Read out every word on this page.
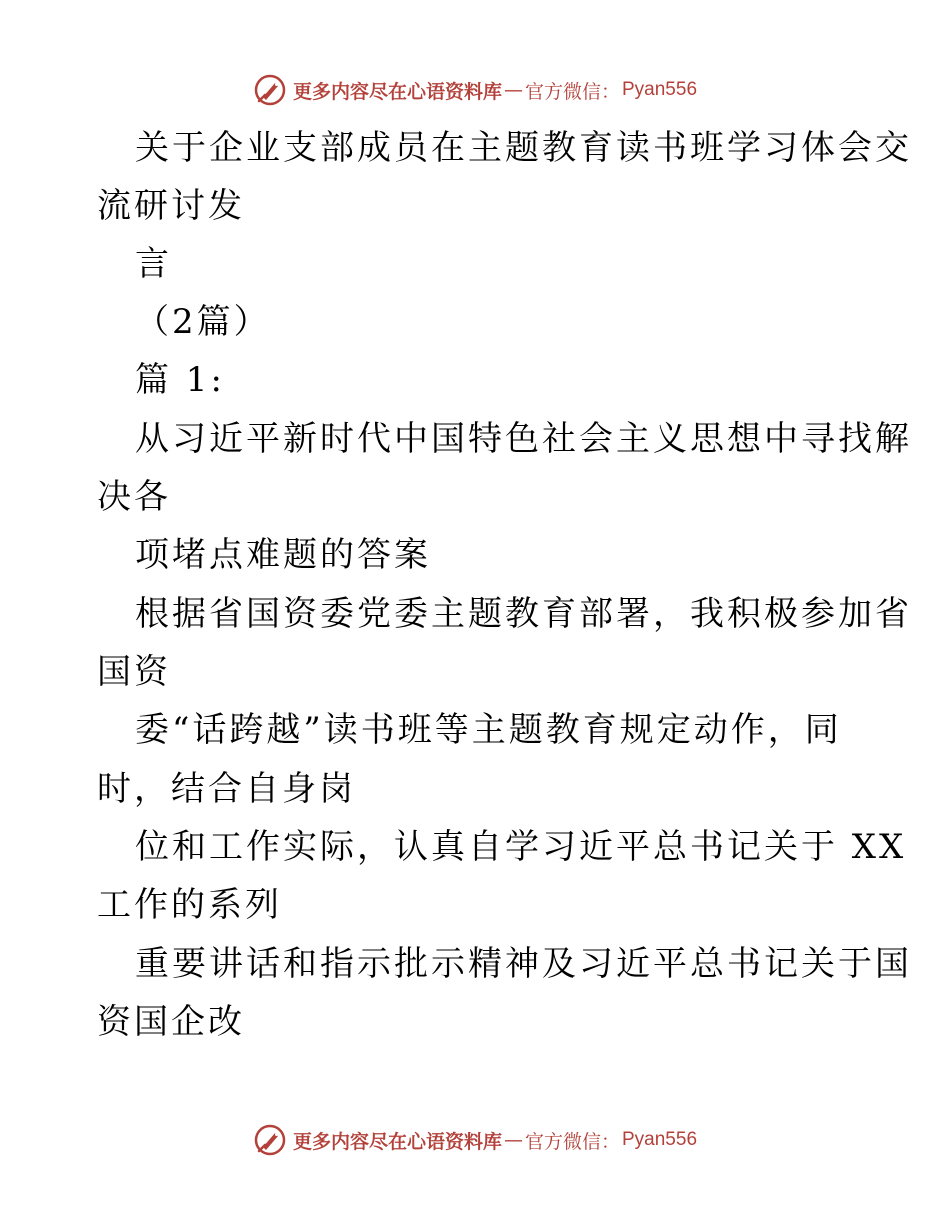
更多内容尽在心语资料库 — 官方微信： Pyan556
关于企业支部成员在主题教育读书班学习体会交
流研讨发
言
（2篇）
篇 1:
从习近平新时代中国特色社会主义思想中寻找解
决各
项堵点难题的答案
根据省国资委党委主题教育部署，我积极参加省
国资
委“话跨越”读书班等主题教育规定动作，同
时，结合自身岗
位和工作实际，认真自学习近平总书记关于 XX
工作的系列
重要讲话和指示批示精神及习近平总书记关于国
资国企改
更多内容尽在心语资料库 — 官方微信： Pyan556
